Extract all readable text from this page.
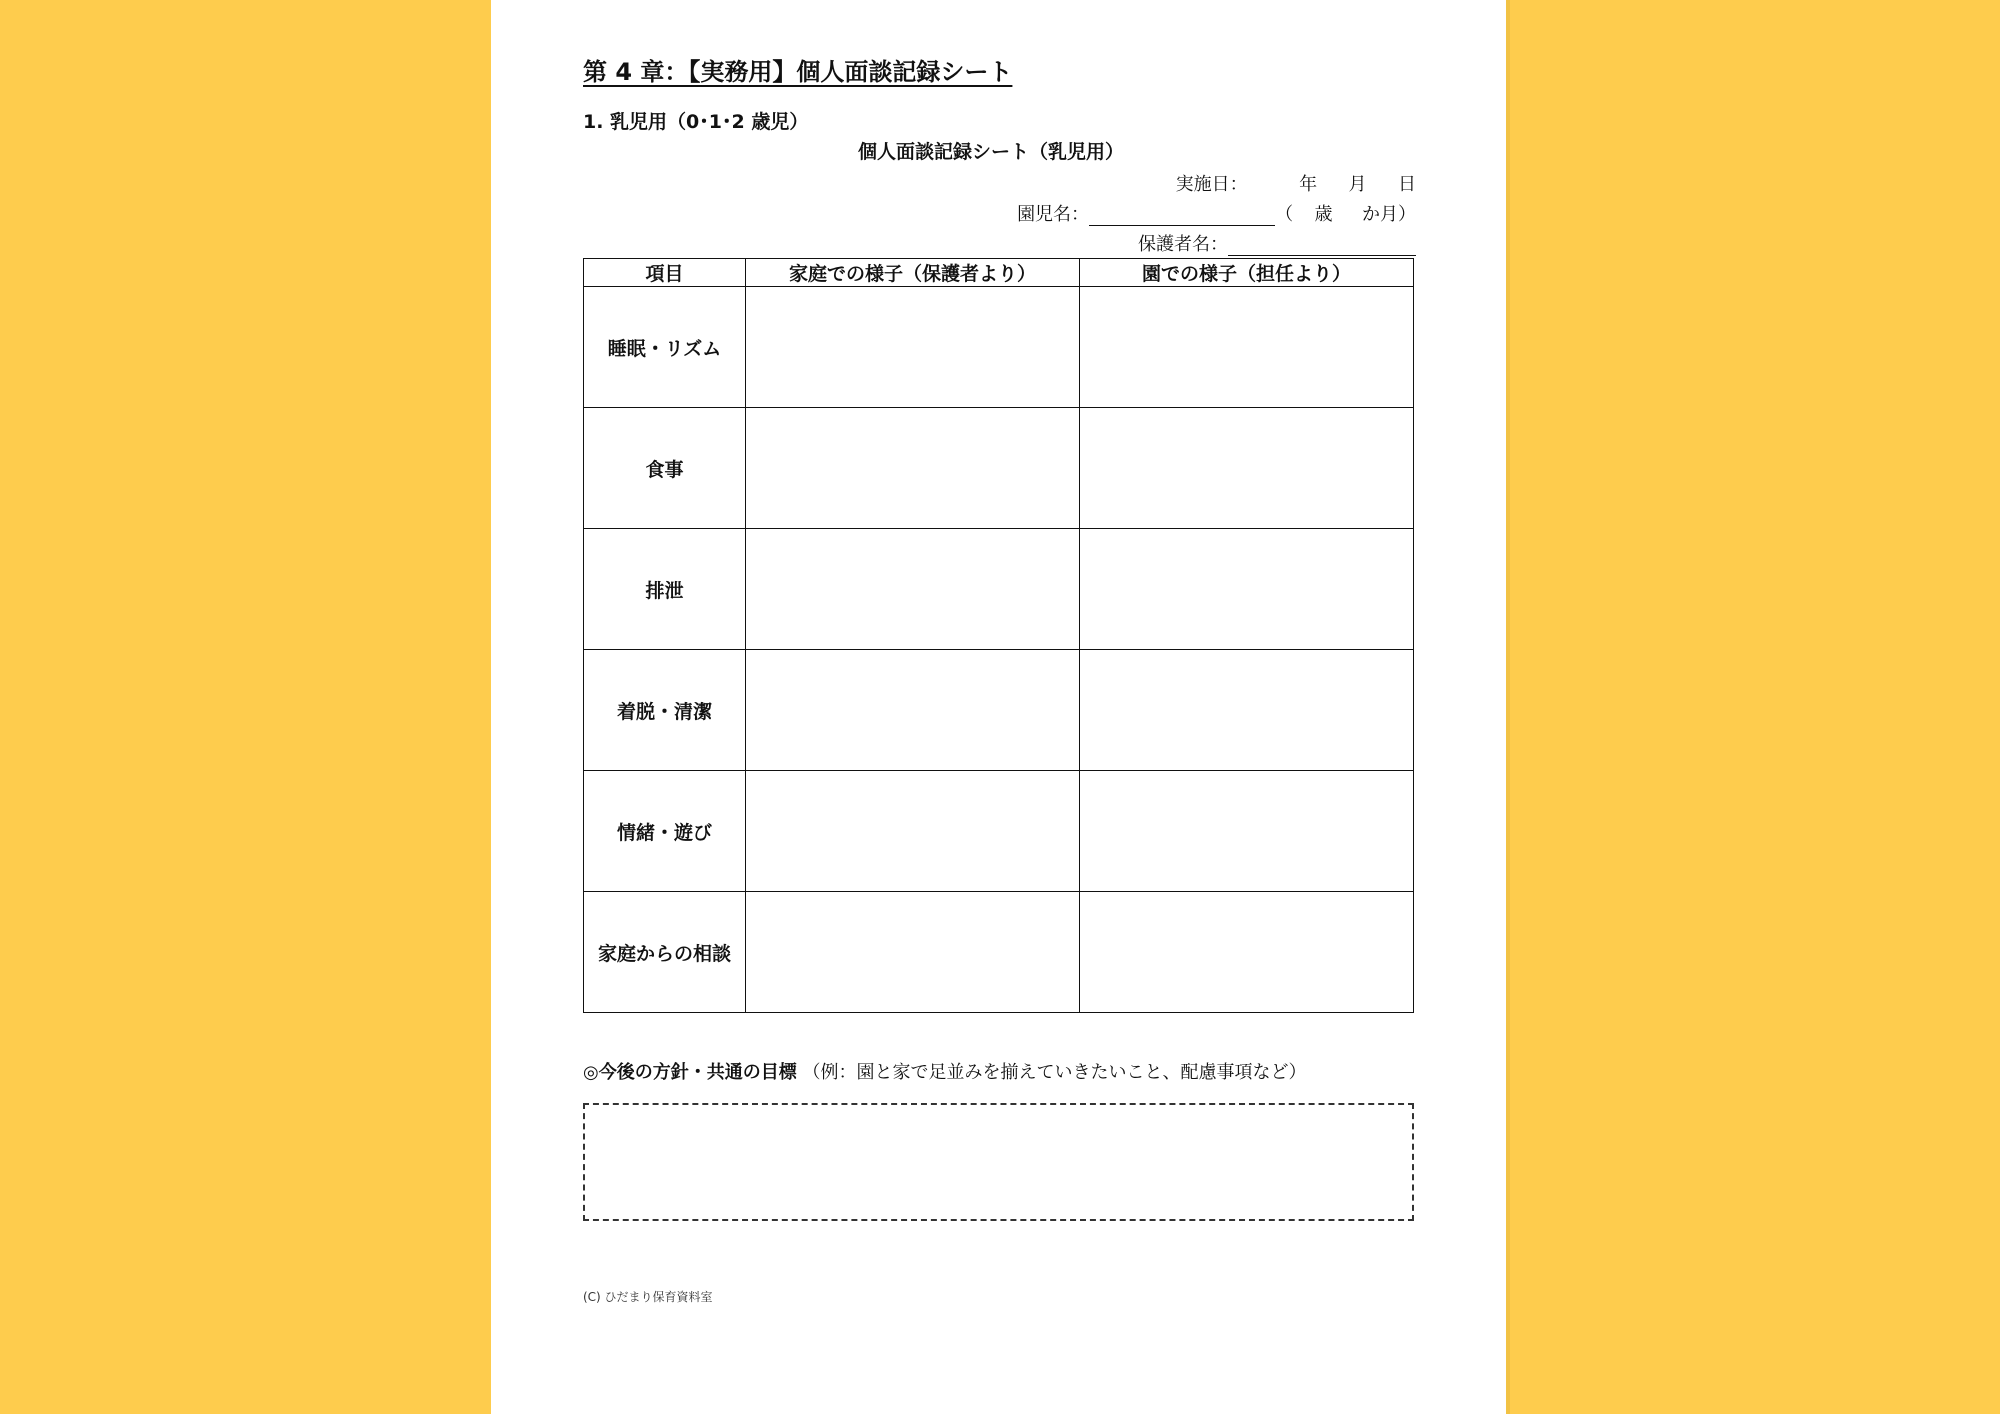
第 4 章：【実務用】個人面談記録シート
1. 乳児用（0･1･2 歳児）
個人面談記録シート（乳児用）
実施日：	年 月 日
園児名：	（ 歳 か月）
保護者名：
項目	家庭での様子（保護者より）	園での様子（担任より）
睡眠・リズム		
食事		
排泄		
着脱・清潔		
情緒・遊び		
家庭からの相談		
◎今後の方針・共通の目標 （例：園と家で足並みを揃えていきたいこと、配慮事項など）
(C) ひだまり保育資料室
